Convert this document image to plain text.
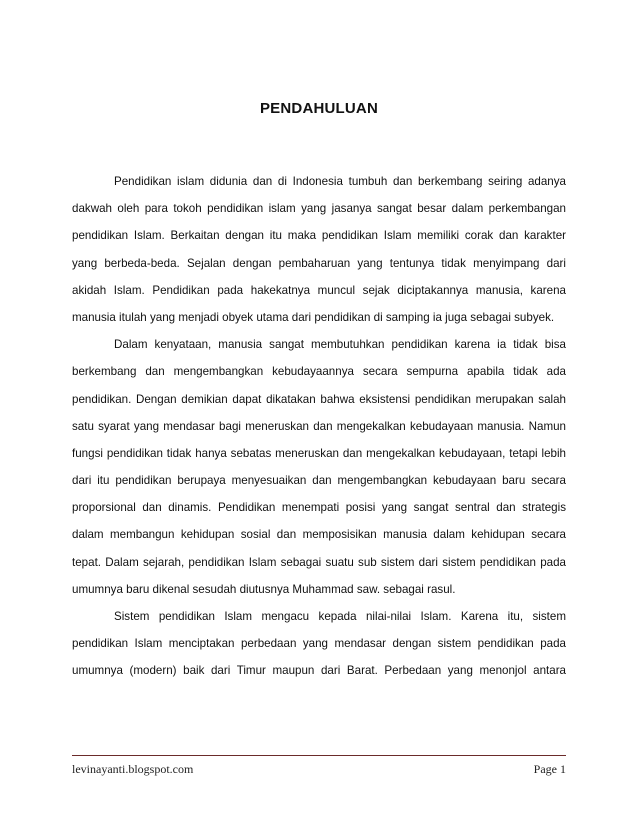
PENDAHULUAN
Pendidikan islam didunia dan di Indonesia tumbuh dan berkembang seiring adanya
dakwah oleh para tokoh pendidikan islam yang jasanya sangat besar dalam perkembangan
pendidikan Islam. Berkaitan dengan itu maka pendidikan Islam memiliki corak dan karakter
yang berbeda-beda. Sejalan dengan pembaharuan yang tentunya tidak menyimpang dari
akidah Islam. Pendidikan pada hakekatnya muncul sejak diciptakannya manusia, karena
manusia itulah yang menjadi obyek utama dari pendidikan di samping ia juga sebagai subyek.
Dalam kenyataan, manusia sangat membutuhkan pendidikan karena ia tidak bisa
berkembang dan mengembangkan kebudayaannya secara sempurna apabila tidak ada
pendidikan. Dengan demikian dapat dikatakan bahwa eksistensi pendidikan merupakan salah
satu syarat yang mendasar bagi meneruskan dan mengekalkan kebudayaan manusia. Namun
fungsi pendidikan tidak hanya sebatas meneruskan dan mengekalkan kebudayaan, tetapi lebih
dari itu pendidikan berupaya menyesuaikan dan mengembangkan kebudayaan baru secara
proporsional dan dinamis. Pendidikan menempati posisi yang sangat sentral dan strategis
dalam membangun kehidupan sosial dan memposisikan manusia dalam kehidupan secara
tepat. Dalam sejarah, pendidikan Islam sebagai suatu sub sistem dari sistem pendidikan pada
umumnya baru dikenal sesudah diutusnya Muhammad saw. sebagai rasul.
Sistem pendidikan Islam mengacu kepada nilai-nilai Islam. Karena itu, sistem
pendidikan Islam menciptakan perbedaan yang mendasar dengan sistem pendidikan pada
umumnya (modern) baik dari Timur maupun dari Barat. Perbedaan yang menonjol antara
levinayanti.blogspot.com	Page 1
